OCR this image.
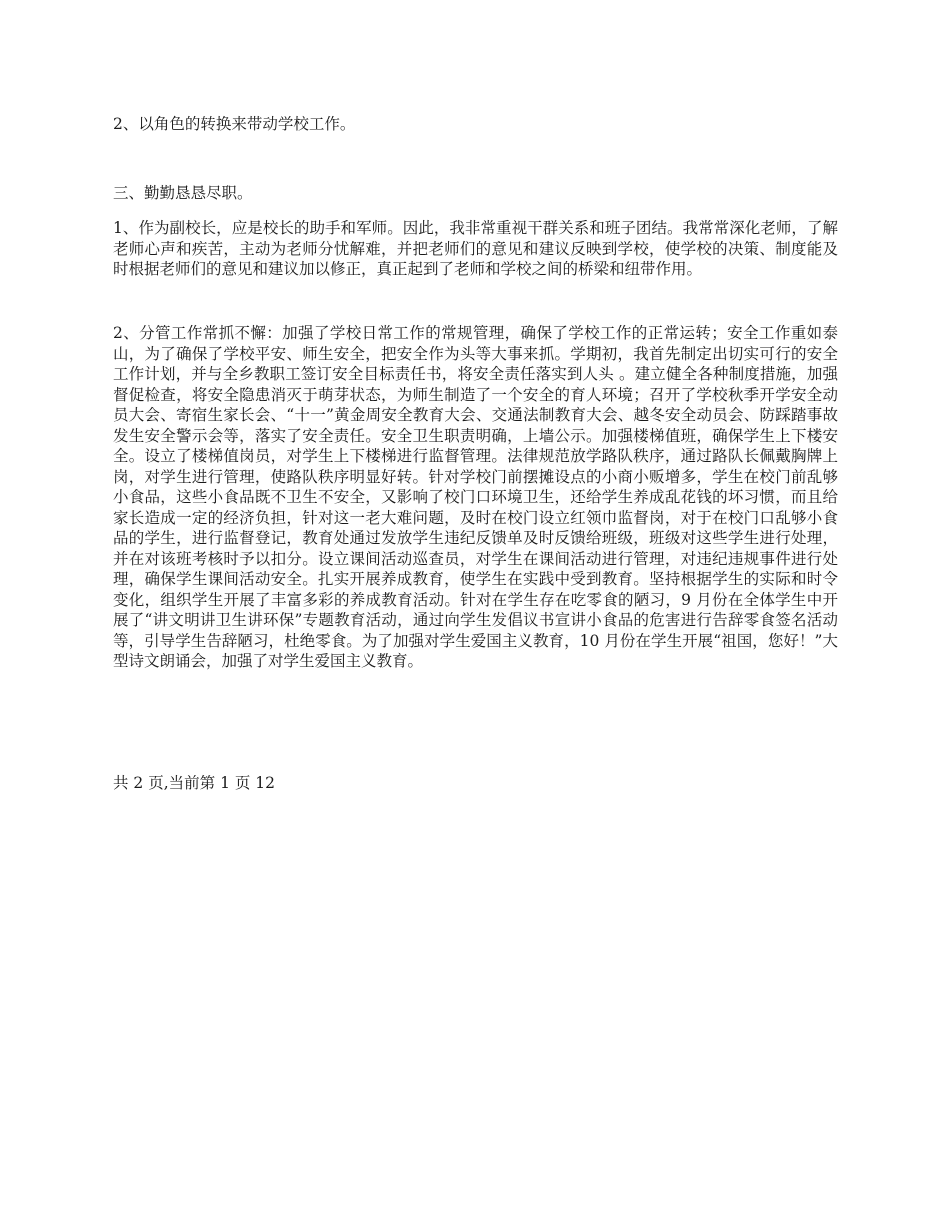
2、以角色的转换来带动学校工作。

三、勤勤恳恳尽职。

1、作为副校长，应是校长的助手和军师。因此，我非常重视干群关系和班子团结。我常常深化老师，了解老师心声和疾苦，主动为老师分忧解难，并把老师们的意见和建议反映到学校，使学校的决策、制度能及时根据老师们的意见和建议加以修正，真正起到了老师和学校之间的桥梁和纽带作用。

2、分管工作常抓不懈：加强了学校日常工作的常规管理，确保了学校工作的正常运转；安全工作重如泰山，为了确保了学校平安、师生安全，把安全作为头等大事来抓。学期初，我首先制定出切实可行的安全工作计划，并与全乡教职工签订安全目标责任书，将安全责任落实到人头 。建立健全各种制度措施，加强督促检查，将安全隐患消灭于萌芽状态，为师生制造了一个安全的育人环境；召开了学校秋季开学安全动员大会、寄宿生家长会、“十一”黄金周安全教育大会、交通法制教育大会、越冬安全动员会、防踩踏事故发生安全警示会等，落实了安全责任。安全卫生职责明确，上墙公示。加强楼梯值班，确保学生上下楼安全。设立了楼梯值岗员，对学生上下楼梯进行监督管理。法律规范放学路队秩序，通过路队长佩戴胸牌上岗，对学生进行管理，使路队秩序明显好转。针对学校门前摆摊设点的小商小贩增多，学生在校门前乱够小食品，这些小食品既不卫生不安全，又影响了校门口环境卫生，还给学生养成乱花钱的坏习惯，而且给家长造成一定的经济负担，针对这一老大难问题，及时在校门设立红领巾监督岗，对于在校门口乱够小食品的学生，进行监督登记，教育处通过发放学生违纪反馈单及时反馈给班级，班级对这些学生进行处理，并在对该班考核时予以扣分。设立课间活动巡查员，对学生在课间活动进行管理，对违纪违规事件进行处理，确保学生课间活动安全。扎实开展养成教育，使学生在实践中受到教育。坚持根据学生的实际和时令变化，组织学生开展了丰富多彩的养成教育活动。针对在学生存在吃零食的陋习，9 月份在全体学生中开展了“讲文明讲卫生讲环保”专题教育活动，通过向学生发倡议书宣讲小食品的危害进行告辞零食签名活动等，引导学生告辞陋习，杜绝零食。为了加强对学生爱国主义教育，10 月份在学生开展“祖国，您好！”大型诗文朗诵会，加强了对学生爱国主义教育。

共 2 页,当前第 1 页 12
